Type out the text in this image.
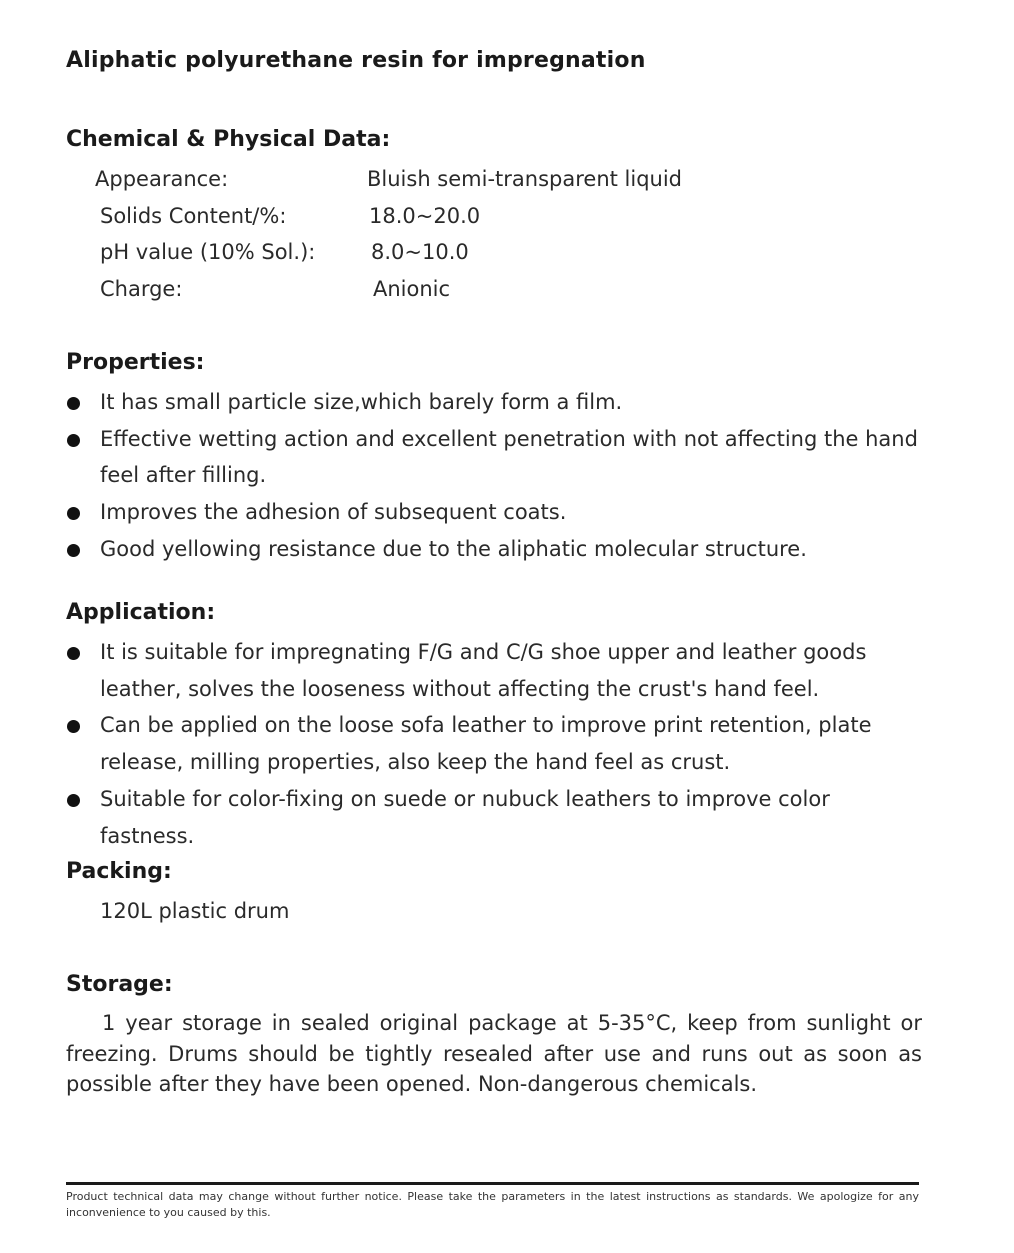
Aliphatic polyurethane resin for impregnation
Chemical & Physical Data:
Appearance:	Bluish semi-transparent liquid
Solids Content/%:	18.0~20.0
pH value (10% Sol.):	8.0~10.0
Charge:	Anionic
Properties:
It has small particle size,which barely form a film.
Effective wetting action and excellent penetration with not affecting the hand feel after filling.
Improves the adhesion of subsequent coats.
Good yellowing resistance due to the aliphatic molecular structure.
Application:
It is suitable for impregnating F/G and C/G shoe upper and leather goods leather, solves the looseness without affecting the crust's hand feel.
Can be applied on the loose sofa leather to improve print retention, plate release, milling properties, also keep the hand feel as crust.
Suitable for color-fixing on suede or nubuck leathers to improve color fastness.
Packing:
120L plastic drum
Storage:

1 year storage in sealed original package at 5-35°C, keep from sunlight or freezing. Drums should be tightly resealed after use and runs out as soon as possible after they have been opened. Non-dangerous chemicals.

Product technical data may change without further notice. Please take the parameters in the latest instructions as standards. We apologize for any inconvenience to you caused by this.
